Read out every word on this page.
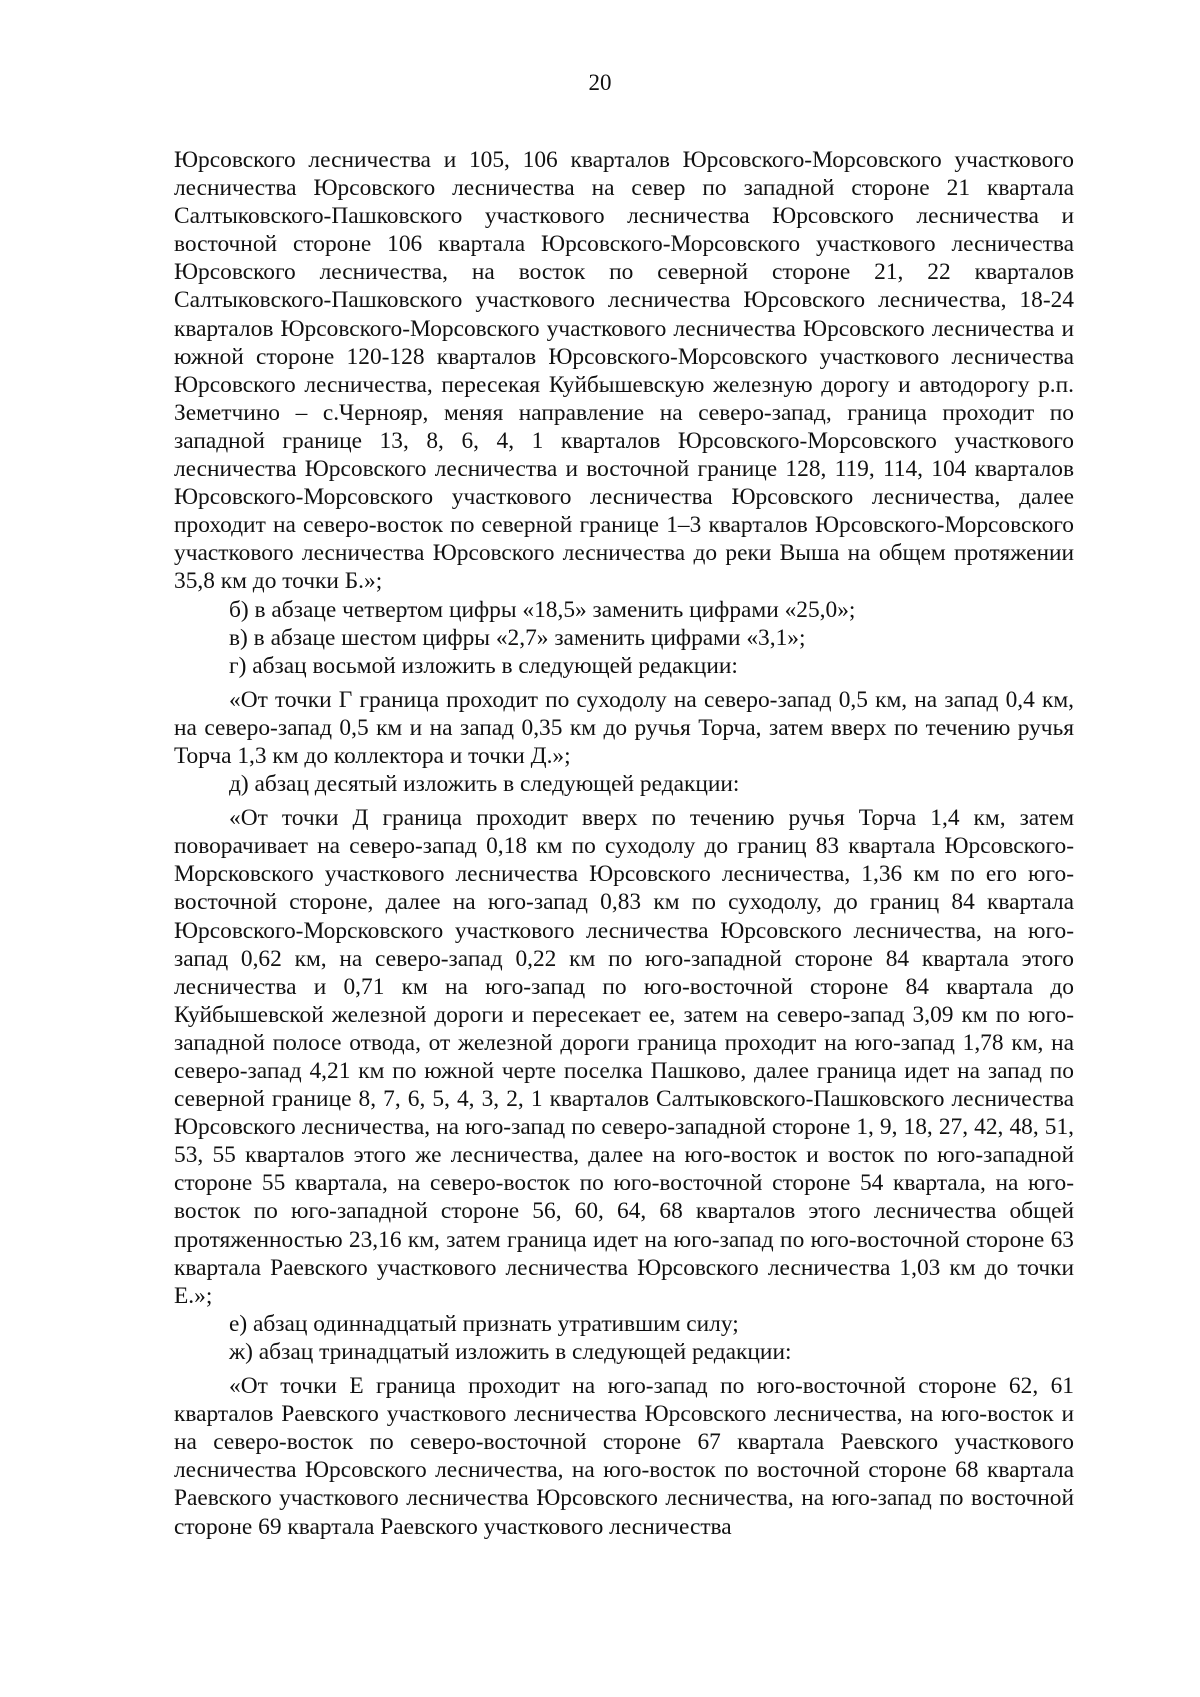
20

Юрсовского лесничества и 105, 106 кварталов Юрсовского-Морсовского участкового лесничества Юрсовского лесничества на север по западной стороне 21 квартала Салтыковского-Пашковского участкового лесничества Юрсовского лесничества и восточной стороне 106 квартала Юрсовского-Морсовского участкового лесничества Юрсовского лесничества, на восток по северной стороне 21, 22 кварталов Салтыковского-Пашковского участкового лесничества Юрсовского лесничества, 18-24 кварталов Юрсовского-Морсовского участкового лесничества Юрсовского лесничества и южной стороне 120-128 кварталов Юрсовского-Морсовского участкового лесничества Юрсовского лесничества, пересекая Куйбышевскую железную дорогу и автодорогу р.п. Земетчино – с.Чернояр, меняя направление на северо-запад, граница проходит по западной границе 13, 8, 6, 4, 1 кварталов Юрсовского-Морсовского участкового лесничества Юрсовского лесничества и восточной границе 128, 119, 114, 104 кварталов Юрсовского-Морсовского участкового лесничества Юрсовского лесничества, далее проходит на северо-восток по северной границе 1–3 кварталов Юрсовского-Морсовского участкового лесничества Юрсовского лесничества до реки Выша на общем протяжении 35,8 км до точки Б.»;

б) в абзаце четвертом цифры «18,5» заменить цифрами «25,0»;

в) в абзаце шестом цифры «2,7» заменить цифрами «3,1»;

г) абзац восьмой изложить в следующей редакции:

«От точки Г граница проходит по суходолу на северо-запад 0,5 км, на запад 0,4 км, на северо-запад 0,5 км и на запад 0,35 км до ручья Торча, затем вверх по течению ручья Торча 1,3 км до коллектора и точки Д.»;

д) абзац десятый изложить в следующей редакции:

«От точки Д граница проходит вверх по течению ручья Торча 1,4 км, затем поворачивает на северо-запад 0,18 км по суходолу до границ 83 квартала Юрсовского-Морсковского участкового лесничества Юрсовского лесничества, 1,36 км по его юго-восточной стороне, далее на юго-запад 0,83 км по суходолу, до границ 84 квартала Юрсовского-Морсковского участкового лесничества Юрсовского лесничества, на юго-запад 0,62 км, на северо-запад 0,22 км по юго-западной стороне 84 квартала этого лесничества и 0,71 км на юго-запад по юго-восточной стороне 84 квартала до Куйбышевской железной дороги и пересекает ее, затем на северо-запад 3,09 км по юго-западной полосе отвода, от железной дороги граница проходит на юго-запад 1,78 км, на северо-запад 4,21 км по южной черте поселка Пашково, далее граница идет на запад по северной границе 8, 7, 6, 5, 4, 3, 2, 1 кварталов Салтыковского-Пашковского лесничества Юрсовского лесничества, на юго-запад по северо-западной стороне 1, 9, 18, 27, 42, 48, 51, 53, 55 кварталов этого же лесничества, далее на юго-восток и восток по юго-западной стороне 55 квартала, на северо-восток по юго-восточной стороне 54 квартала, на юго-восток по юго-западной стороне 56, 60, 64, 68 кварталов этого лесничества общей протяженностью 23,16 км, затем граница идет на юго-запад по юго-восточной стороне 63 квартала Раевского участкового лесничества Юрсовского лесничества 1,03 км до точки Е.»;

е) абзац одиннадцатый признать утратившим силу;

ж) абзац тринадцатый изложить в следующей редакции:

«От точки Е граница проходит на юго-запад по юго-восточной стороне 62, 61 кварталов Раевского участкового лесничества Юрсовского лесничества, на юго-восток и на северо-восток по северо-восточной стороне 67 квартала Раевского участкового лесничества Юрсовского лесничества, на юго-восток по восточной стороне 68 квартала Раевского участкового лесничества Юрсовского лесничества, на юго-запад по восточной стороне 69 квартала Раевского участкового лесничества
